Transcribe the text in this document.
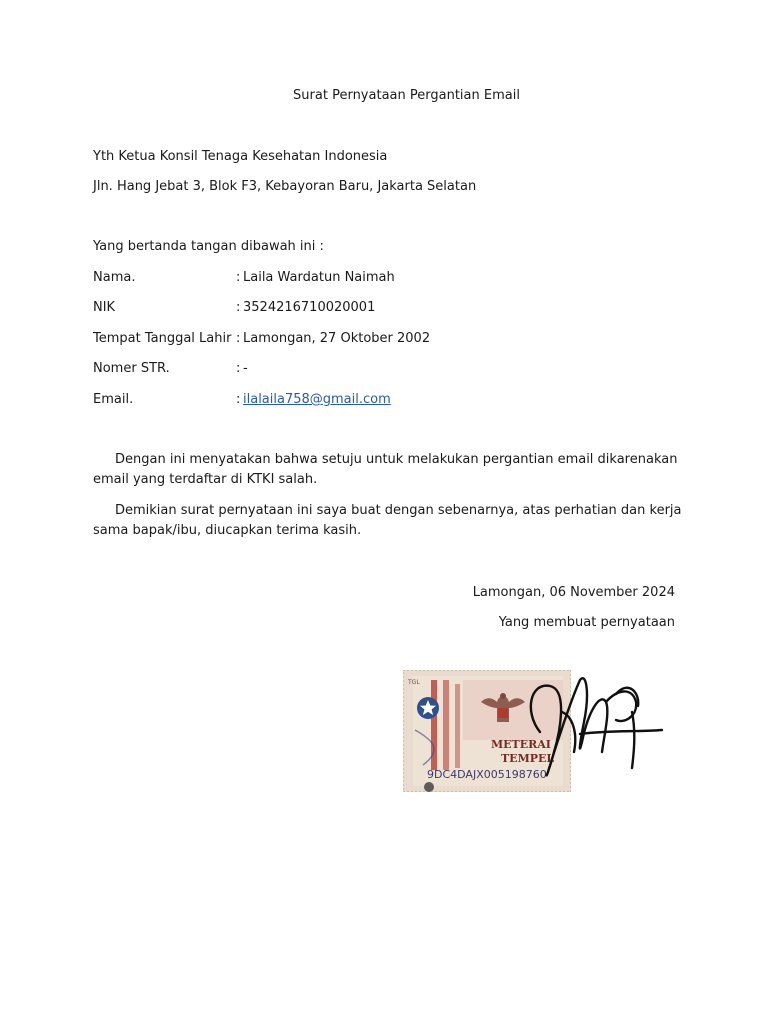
Surat Pernyataan Pergantian Email
Yth Ketua Konsil Tenaga Kesehatan Indonesia
Jln. Hang Jebat 3, Blok F3, Kebayoran Baru, Jakarta Selatan
Yang bertanda tangan dibawah ini :
Nama.	: Laila Wardatun Naimah
NIK	: 3524216710020001
Tempat Tanggal Lahir : Lamongan, 27 Oktober 2002
Nomer STR.	: -
Email.	: ilalaila758@gmail.com
Dengan ini menyatakan bahwa setuju untuk melakukan pergantian email dikarenakan email yang terdaftar di KTKI salah.
Demikian surat pernyataan ini saya buat dengan sebenarnya, atas perhatian dan kerja sama bapak/ibu, diucapkan terima kasih.
Lamongan, 06 November 2024
Yang membuat pernyataan
TGL
METERAI
TEMPEL
9DC4DAJX005198760
